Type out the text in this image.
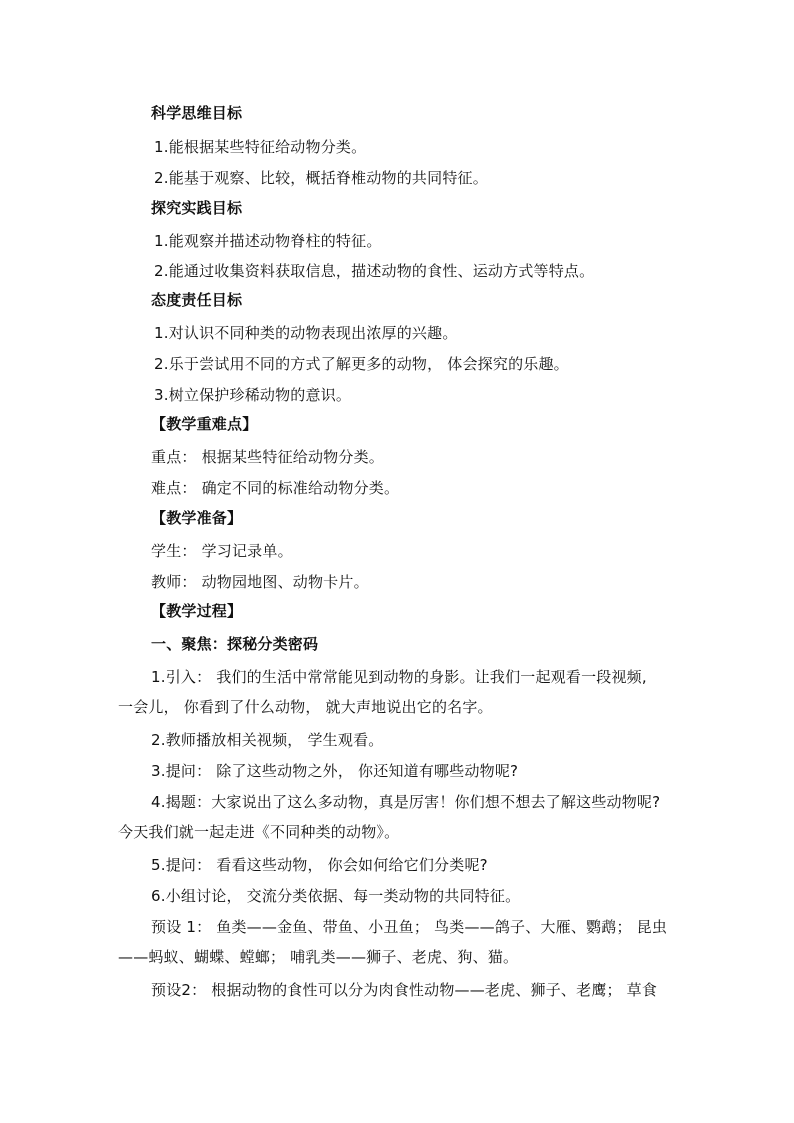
科学思维目标
1.能根据某些特征给动物分类。
2.能基于观察、比较，概括脊椎动物的共同特征。
探究实践目标
1.能观察并描述动物脊柱的特征。
2.能通过收集资料获取信息，描述动物的食性、运动方式等特点。
态度责任目标
1.对认识不同种类的动物表现出浓厚的兴趣。
2.乐于尝试用不同的方式了解更多的动物， 体会探究的乐趣。
3.树立保护珍稀动物的意识。
【教学重难点】
重点： 根据某些特征给动物分类。
难点： 确定不同的标准给动物分类。
【教学准备】
学生： 学习记录单。
教师： 动物园地图、动物卡片。
【教学过程】
一、聚焦：探秘分类密码
1.引入： 我们的生活中常常能见到动物的身影。让我们一起观看一段视频,
一会儿， 你看到了什么动物， 就大声地说出它的名字。
2.教师播放相关视频， 学生观看。
3.提问： 除了这些动物之外， 你还知道有哪些动物呢?
4.揭题：大家说出了这么多动物，真是厉害！你们想不想去了解这些动物呢?
今天我们就一起走进《不同种类的动物》。
5.提问： 看看这些动物， 你会如何给它们分类呢?
6.小组讨论， 交流分类依据、每一类动物的共同特征。
预设 1： 鱼类——金鱼、带鱼、小丑鱼； 鸟类——鸽子、大雁、鹦鹉； 昆虫
——蚂蚁、蝴蝶、螳螂； 哺乳类——狮子、老虎、狗、猫。
预设2： 根据动物的食性可以分为肉食性动物——老虎、狮子、老鹰； 草食
